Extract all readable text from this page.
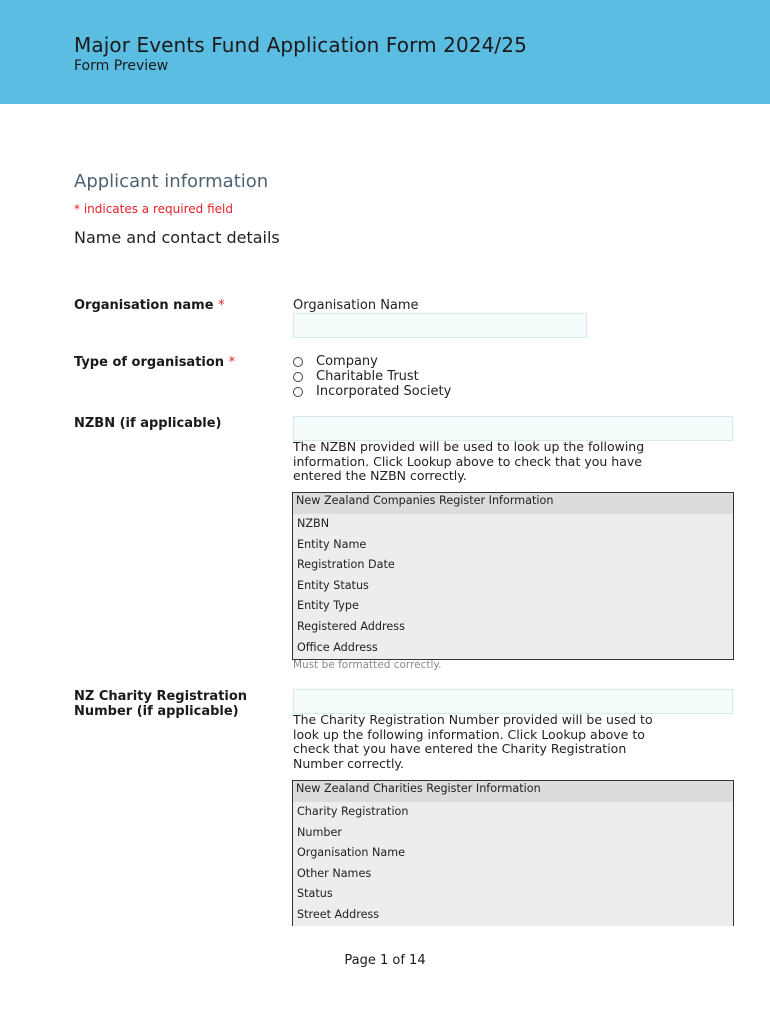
Major Events Fund Application Form 2024/25
Form Preview
Applicant information
* indicates a required field
Name and contact details
Organisation name *	Organisation Name
Type of organisation *	Company
Charitable Trust
Incorporated Society
NZBN (if applicable)
The NZBN provided will be used to look up the following information. Click Lookup above to check that you have entered the NZBN correctly.
New Zealand Companies Register Information
NZBN
Entity Name
Registration Date
Entity Status
Entity Type
Registered Address
Office Address
Must be formatted correctly.
NZ Charity Registration Number (if applicable)
The Charity Registration Number provided will be used to look up the following information. Click Lookup above to check that you have entered the Charity Registration Number correctly.
New Zealand Charities Register Information
Charity Registration
Number
Organisation Name
Other Names
Status
Street Address
Page 1 of 14
